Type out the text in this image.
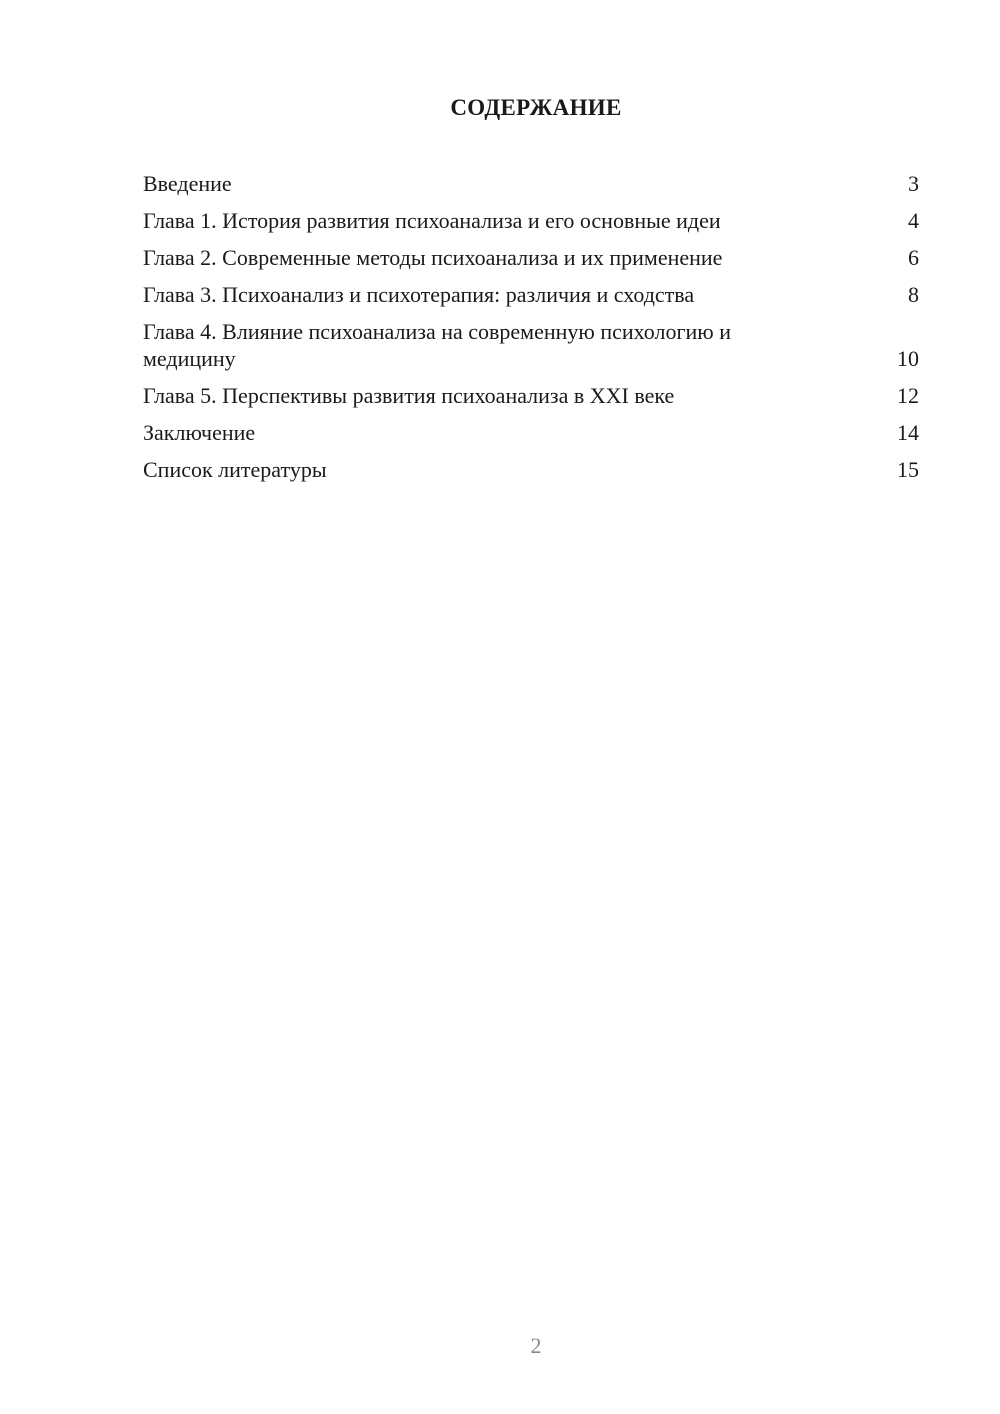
СОДЕРЖАНИЕ
Введение	3
Глава 1. История развития психоанализа и его основные идеи	4
Глава 2. Современные методы психоанализа и их применение	6
Глава 3. Психоанализ и психотерапия: различия и сходства	8
Глава 4. Влияние психоанализа на современную психологию и медицину	10
Глава 5. Перспективы развития психоанализа в XXI веке	12
Заключение	14
Список литературы	15
2
